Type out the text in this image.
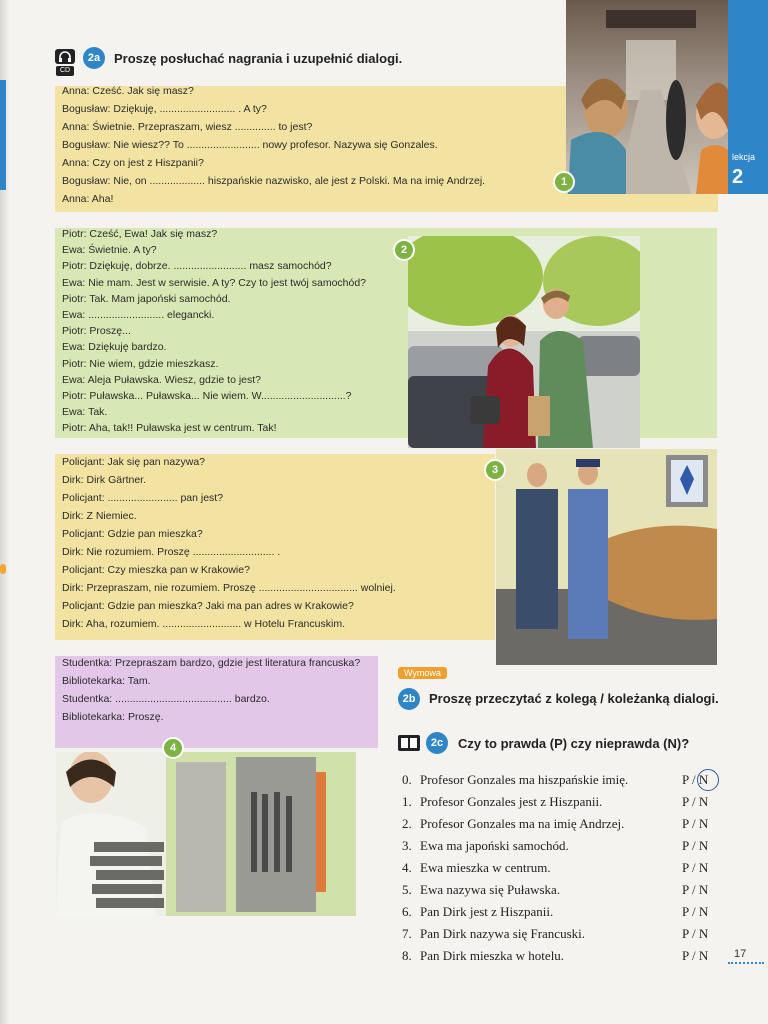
CD
2a	Proszę posłuchać nagrania i uzupełnić dialogi.
Anna: Cześć. Jak się masz?
Bogusław: Dziękuję, .......................... . A ty?
Anna: Świetnie. Przepraszam, wiesz .............. to jest?
Bogusław: Nie wiesz?? To ......................... nowy profesor. Nazywa się Gonzales.
Anna: Czy on jest z Hiszpanii?
Bogusław: Nie, on ................... hiszpańskie nazwisko, ale jest z Polski. Ma na imię Andrzej.
Anna: Aha!
1
lekcja
2
Piotr: Cześć, Ewa! Jak się masz?
Ewa: Świetnie. A ty?
Piotr: Dziękuję, dobrze. ......................... masz samochód?
Ewa: Nie mam. Jest w serwisie. A ty? Czy to jest twój samochód?
Piotr: Tak. Mam japoński samochód.
Ewa: .......................... elegancki.
Piotr: Proszę...
Ewa: Dziękuję bardzo.
Piotr: Nie wiem, gdzie mieszkasz.
Ewa: Aleja Puławska. Wiesz, gdzie to jest?
Piotr: Puławska... Puławska... Nie wiem. W.............................?
Ewa: Tak.
Piotr: Aha, tak!! Puławska jest w centrum. Tak!
2
Policjant: Jak się pan nazywa?
Dirk: Dirk Gärtner.
Policjant: ........................ pan jest?
Dirk: Z Niemiec.
Policjant: Gdzie pan mieszka?
Dirk: Nie rozumiem. Proszę ............................ .
Policjant: Czy mieszka pan w Krakowie?
Dirk: Przepraszam, nie rozumiem. Proszę .................................. wolniej.
Policjant: Gdzie pan mieszka? Jaki ma pan adres w Krakowie?
Dirk: Aha, rozumiem. ........................... w Hotelu Francuskim.
3
Studentka: Przepraszam bardzo, gdzie jest literatura francuska?
Bibliotekarka: Tam.
Studentka: ........................................ bardzo.
Bibliotekarka: Proszę.
4
Wymowa
2b	Proszę przeczytać z kolegą / koleżanką dialogi.
2c	Czy to prawda (P) czy nieprawda (N)?
0. Profesor Gonzales ma hiszpańskie imię.	P / N
1. Profesor Gonzales jest z Hiszpanii.	P / N
2. Profesor Gonzales ma na imię Andrzej.	P / N
3. Ewa ma japoński samochód.	P / N
4. Ewa mieszka w centrum.	P / N
5. Ewa nazywa się Puławska.	P / N
6. Pan Dirk jest z Hiszpanii.	P / N
7. Pan Dirk nazywa się Francuski.	P / N
8. Pan Dirk mieszka w hotelu.	P / N	17
